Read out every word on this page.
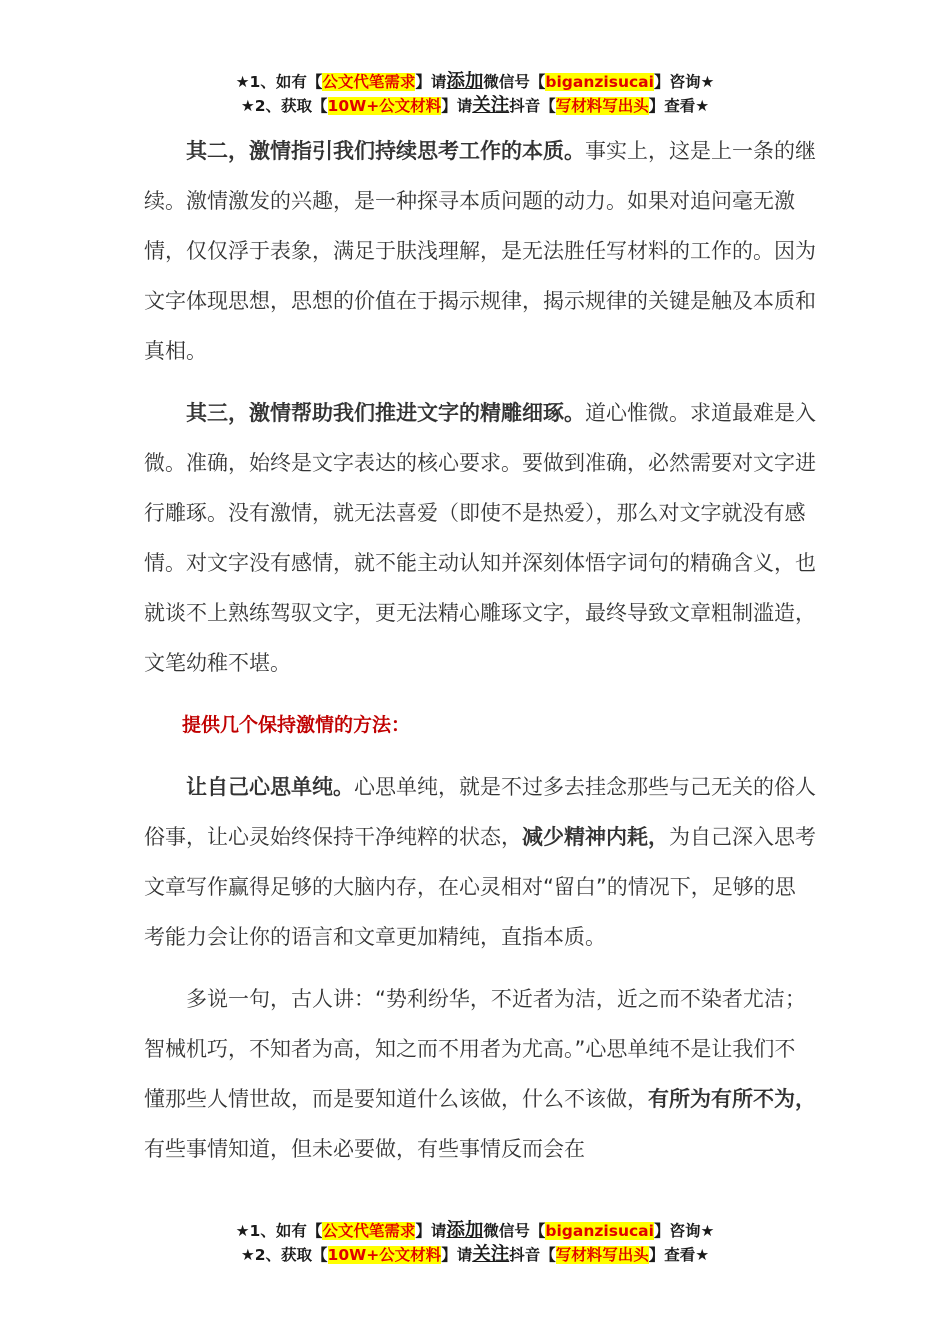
★1、如有【公文代笔需求】请添加微信号【biganzisucai】咨询★
★2、获取【10W+公文材料】请关注抖音【写材料写出头】查看★

其二，激情指引我们持续思考工作的本质。事实上，这是上一条的继续。激情激发的兴趣，是一种探寻本质问题的动力。如果对追问毫无激情，仅仅浮于表象，满足于肤浅理解，是无法胜任写材料的工作的。因为文字体现思想，思想的价值在于揭示规律，揭示规律的关键是触及本质和真相。

其三，激情帮助我们推进文字的精雕细琢。道心惟微。求道最难是入微。准确，始终是文字表达的核心要求。要做到准确，必然需要对文字进行雕琢。没有激情，就无法喜爱（即使不是热爱），那么对文字就没有感情。对文字没有感情，就不能主动认知并深刻体悟字词句的精确含义，也就谈不上熟练驾驭文字，更无法精心雕琢文字，最终导致文章粗制滥造，文笔幼稚不堪。

提供几个保持激情的方法：

让自己心思单纯。心思单纯，就是不过多去挂念那些与己无关的俗人俗事，让心灵始终保持干净纯粹的状态，减少精神内耗，为自己深入思考文章写作赢得足够的大脑内存，在心灵相对“留白”的情况下，足够的思考能力会让你的语言和文章更加精纯，直指本质。

多说一句，古人讲：“势利纷华，不近者为洁，近之而不染者尤洁；智械机巧，不知者为高，知之而不用者为尤高。”心思单纯不是让我们不懂那些人情世故，而是要知道什么该做，什么不该做，有所为有所不为，有些事情知道，但未必要做，有些事情反而会在

★1、如有【公文代笔需求】请添加微信号【biganzisucai】咨询★
★2、获取【10W+公文材料】请关注抖音【写材料写出头】查看★
